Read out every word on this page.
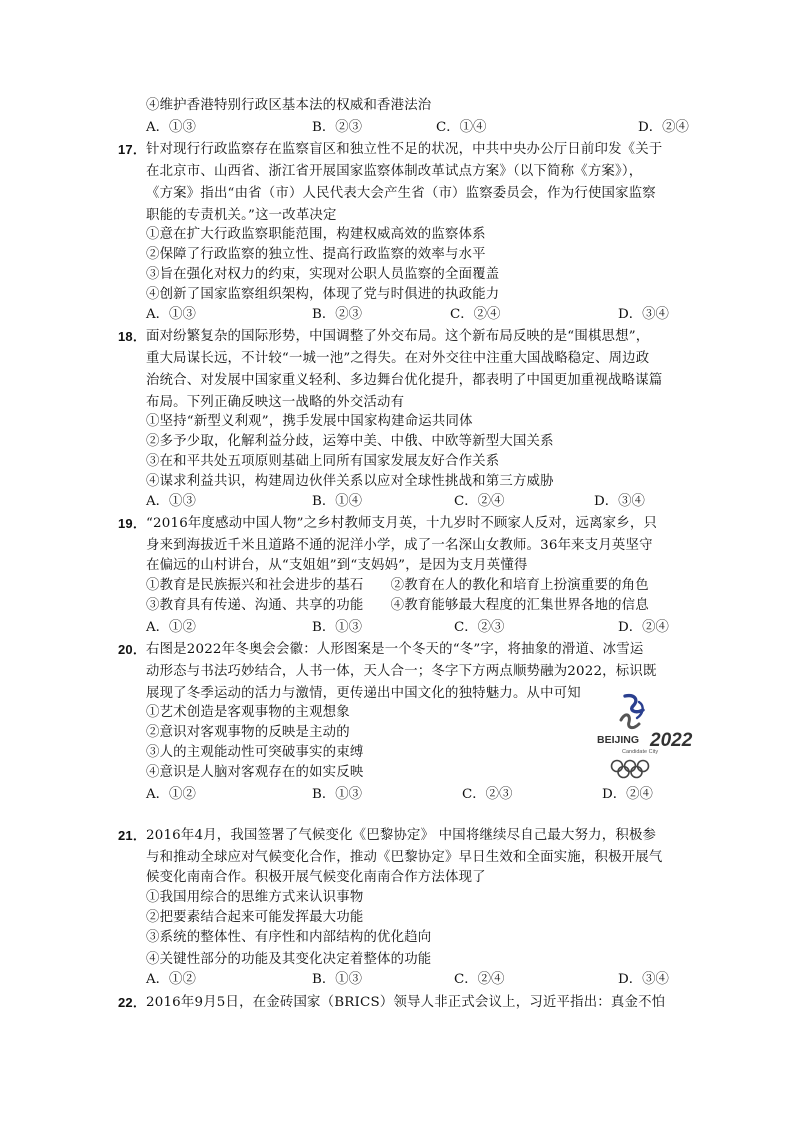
④维护香港特别行政区基本法的权威和香港法治
A．①③	B．②③	C．①④	D．②④
17． 针对现行行政监察存在监察盲区和独立性不足的状况，中共中央办公厅日前印发《关于
在北京市、山西省、浙江省开展国家监察体制改革试点方案》（以下简称《方案》），
《方案》指出“由省（市）人民代表大会产生省（市）监察委员会，作为行使国家监察
职能的专责机关。”这一改革决定
①意在扩大行政监察职能范围，构建权威高效的监察体系
②保障了行政监察的独立性、提高行政监察的效率与水平
③旨在强化对权力的约束，实现对公职人员监察的全面覆盖
④创新了国家监察组织架构，体现了党与时俱进的执政能力
A．①③	B．②③	C．②④	D．③④
18． 面对纷繁复杂的国际形势，中国调整了外交布局。这个新布局反映的是“围棋思想”，
重大局谋长远，不计较“一城一池”之得失。在对外交往中注重大国战略稳定、周边政
治统合、对发展中国家重义轻利、多边舞台优化提升，都表明了中国更加重视战略谋篇
布局。下列正确反映这一战略的外交活动有
①坚持“新型义利观”，携手发展中国家构建命运共同体
②多予少取，化解利益分歧，运筹中美、中俄、中欧等新型大国关系
③在和平共处五项原则基础上同所有国家发展友好合作关系
④谋求利益共识，构建周边伙伴关系以应对全球性挑战和第三方威胁
A．①③	B．①④	C．②④	D．③④
19． “2016年度感动中国人物”之乡村教师支月英，十九岁时不顾家人反对，远离家乡，只
身来到海拔近千米且道路不通的泥洋小学，成了一名深山女教师。36年来支月英坚守
在偏远的山村讲台，从“支姐姐”到“支妈妈”，是因为支月英懂得
①教育是民族振兴和社会进步的基石　　②教育在人的教化和培育上扮演重要的角色
③教育具有传递、沟通、共享的功能　　④教育能够最大程度的汇集世界各地的信息
A．①②	B．①③	C．②③	D．②④
20． 右图是2022年冬奥会会徽：人形图案是一个冬天的“冬”字，将抽象的滑道、冰雪运
动形态与书法巧妙结合，人书一体，天人合一；冬字下方两点顺势融为2022，标识既
展现了冬季运动的活力与激情，更传递出中国文化的独特魅力。从中可知
①艺术创造是客观事物的主观想象
②意识对客观事物的反映是主动的
③人的主观能动性可突破事实的束缚
④意识是人脑对客观存在的如实反映
A．①②	B．①③	C．②③	D．②④
BEIJING 2022
Candidate City
21． 2016年4月，我国签署了气候变化《巴黎协定》 中国将继续尽自己最大努力，积极参
与和推动全球应对气候变化合作，推动《巴黎协定》早日生效和全面实施，积极开展气
候变化南南合作。积极开展气候变化南南合作方法体现了
①我国用综合的思维方式来认识事物
②把要素结合起来可能发挥最大功能
③系统的整体性、有序性和内部结构的优化趋向
④关键性部分的功能及其变化决定着整体的功能
A．①②	B．①③	C．②④	D．③④
22． 2016年9月5日，在金砖国家（BRICS）领导人非正式会议上，习近平指出：真金不怕
